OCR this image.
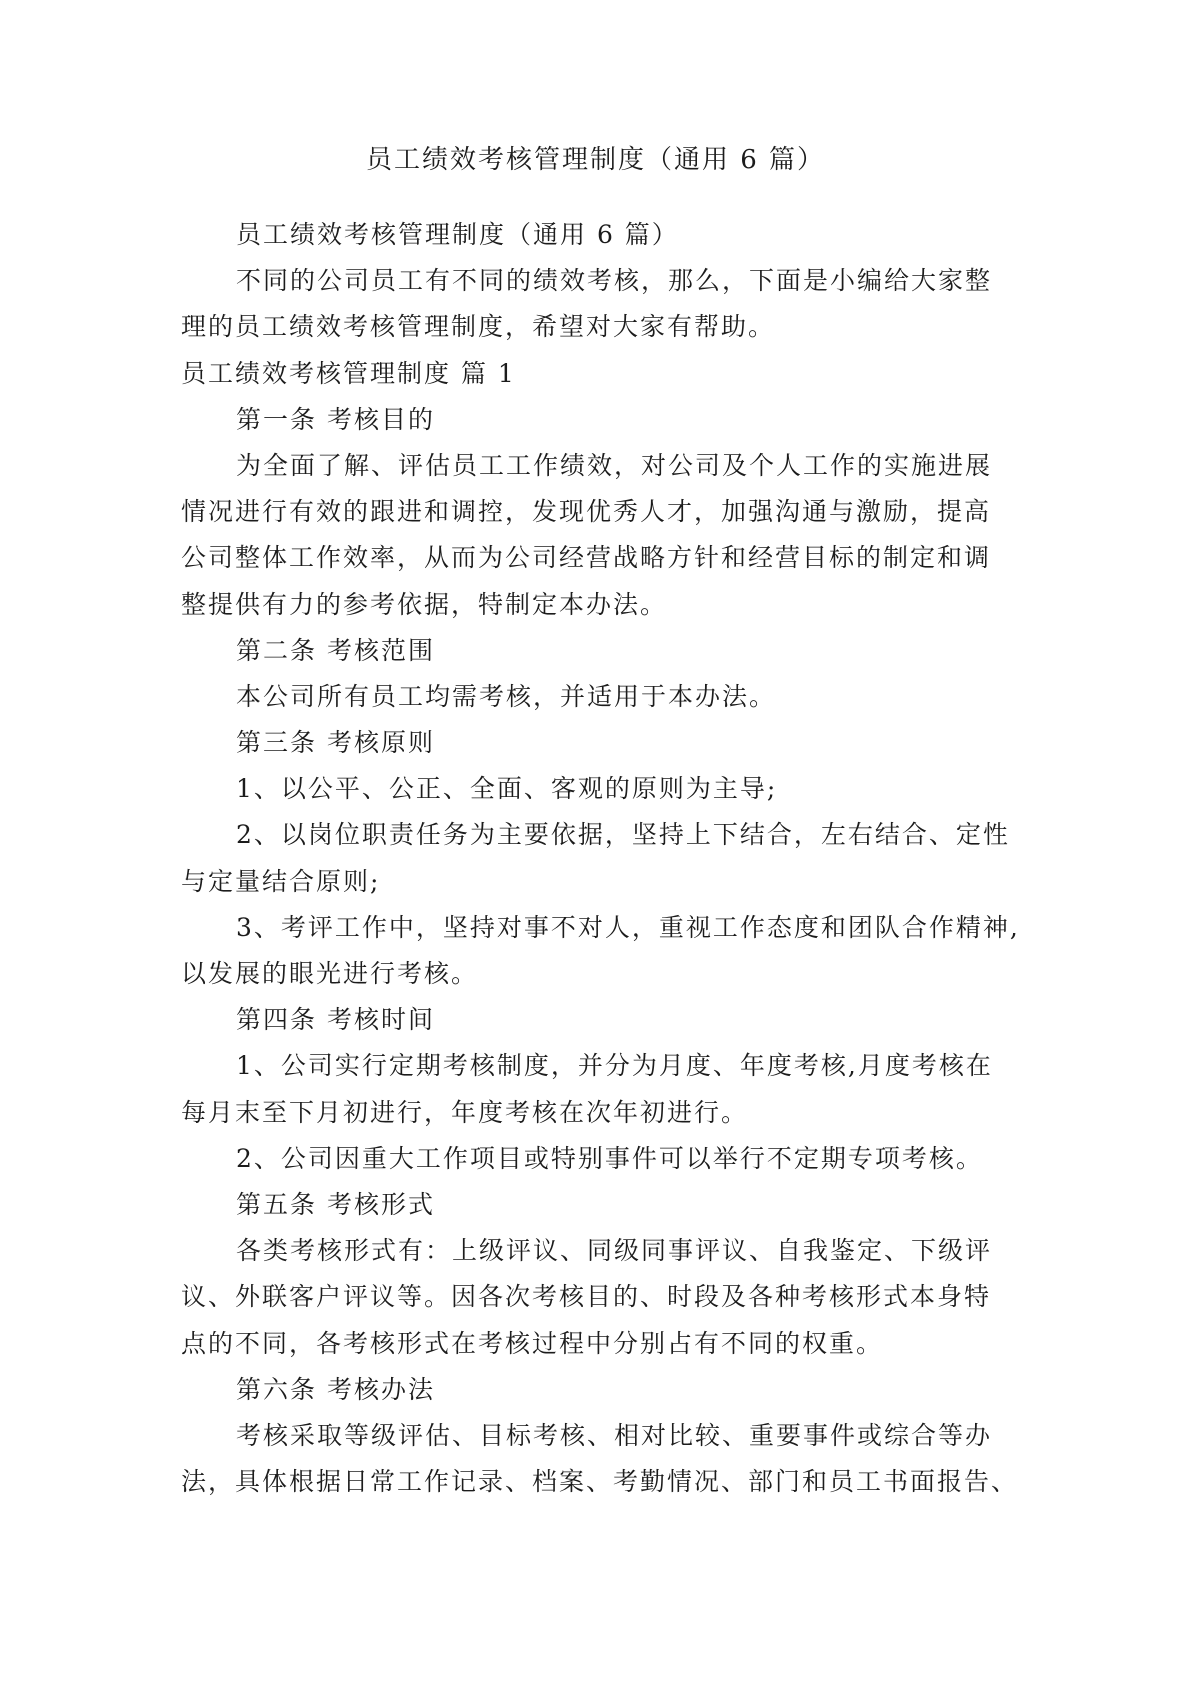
员工绩效考核管理制度（通用 6 篇）
员工绩效考核管理制度（通用 6 篇）
不同的公司员工有不同的绩效考核，那么，下面是小编给大家整
理的员工绩效考核管理制度，希望对大家有帮助。
员工绩效考核管理制度 篇 1
第一条 考核目的
为全面了解、评估员工工作绩效，对公司及个人工作的实施进展
情况进行有效的跟进和调控，发现优秀人才，加强沟通与激励，提高
公司整体工作效率，从而为公司经营战略方针和经营目标的制定和调
整提供有力的参考依据，特制定本办法。
第二条 考核范围
本公司所有员工均需考核，并适用于本办法。
第三条 考核原则
1、以公平、公正、全面、客观的原则为主导;
2、以岗位职责任务为主要依据，坚持上下结合，左右结合、定性
与定量结合原则;
3、考评工作中，坚持对事不对人，重视工作态度和团队合作精神,
以发展的眼光进行考核。
第四条 考核时间
1、公司实行定期考核制度，并分为月度、年度考核,月度考核在
每月末至下月初进行，年度考核在次年初进行。
2、公司因重大工作项目或特别事件可以举行不定期专项考核。
第五条 考核形式
各类考核形式有：上级评议、同级同事评议、自我鉴定、下级评
议、外联客户评议等。因各次考核目的、时段及各种考核形式本身特
点的不同，各考核形式在考核过程中分别占有不同的权重。
第六条 考核办法
考核采取等级评估、目标考核、相对比较、重要事件或综合等办
法，具体根据日常工作记录、档案、考勤情况、部门和员工书面报告、
